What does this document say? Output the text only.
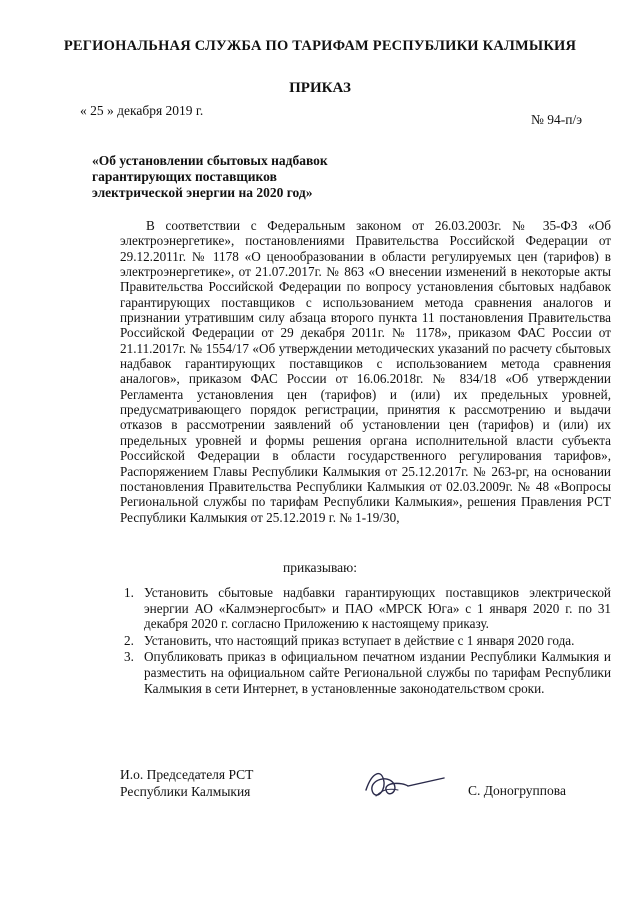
РЕГИОНАЛЬНАЯ СЛУЖБА ПО ТАРИФАМ РЕСПУБЛИКИ КАЛМЫКИЯ
ПРИКАЗ
« 25 » декабря 2019 г.
№ 94-п/э
«Об установлении сбытовых надбавок
гарантирующих поставщиков
электрической энергии на 2020 год»
В соответствии с Федеральным законом от 26.03.2003г. № 35-ФЗ «Об электроэнергетике», постановлениями Правительства Российской Федерации от 29.12.2011г. № 1178 «О ценообразовании в области регулируемых цен (тарифов) в электроэнергетике», от 21.07.2017г. № 863 «О внесении изменений в некоторые акты Правительства Российской Федерации по вопросу установления сбытовых надбавок гарантирующих поставщиков с использованием метода сравнения аналогов и признании утратившим силу абзаца второго пункта 11 постановления Правительства Российской Федерации от 29 декабря 2011г. № 1178», приказом ФАС России от 21.11.2017г. № 1554/17 «Об утверждении методических указаний по расчету сбытовых надбавок гарантирующих поставщиков с использованием метода сравнения аналогов», приказом ФАС России от 16.06.2018г. № 834/18 «Об утверждении Регламента установления цен (тарифов) и (или) их предельных уровней, предусматривающего порядок регистрации, принятия к рассмотрению и выдачи отказов в рассмотрении заявлений об установлении цен (тарифов) и (или) их предельных уровней и формы решения органа исполнительной власти субъекта Российской Федерации в области государственного регулирования тарифов», Распоряжением Главы Республики Калмыкия от 25.12.2017г. № 263-рг, на основании постановления Правительства Республики Калмыкия от 02.03.2009г. № 48 «Вопросы Региональной службы по тарифам Республики Калмыкия», решения Правления РСТ Республики Калмыкия от 25.12.2019 г. № 1-19/30,
приказываю:
1. Установить сбытовые надбавки гарантирующих поставщиков электрической энергии АО «Калмэнергосбыт» и ПАО «МРСК Юга» с 1 января 2020 г. по 31 декабря 2020 г. согласно Приложению к настоящему приказу.
2. Установить, что настоящий приказ вступает в действие с 1 января 2020 года.
3. Опубликовать приказ в официальном печатном издании Республики Калмыкия и разместить на официальном сайте Региональной службы по тарифам Республики Калмыкия в сети Интернет, в установленные законодательством сроки.
И.о. Председателя РСТ
Республики Калмыкия	С. Доногруппова
